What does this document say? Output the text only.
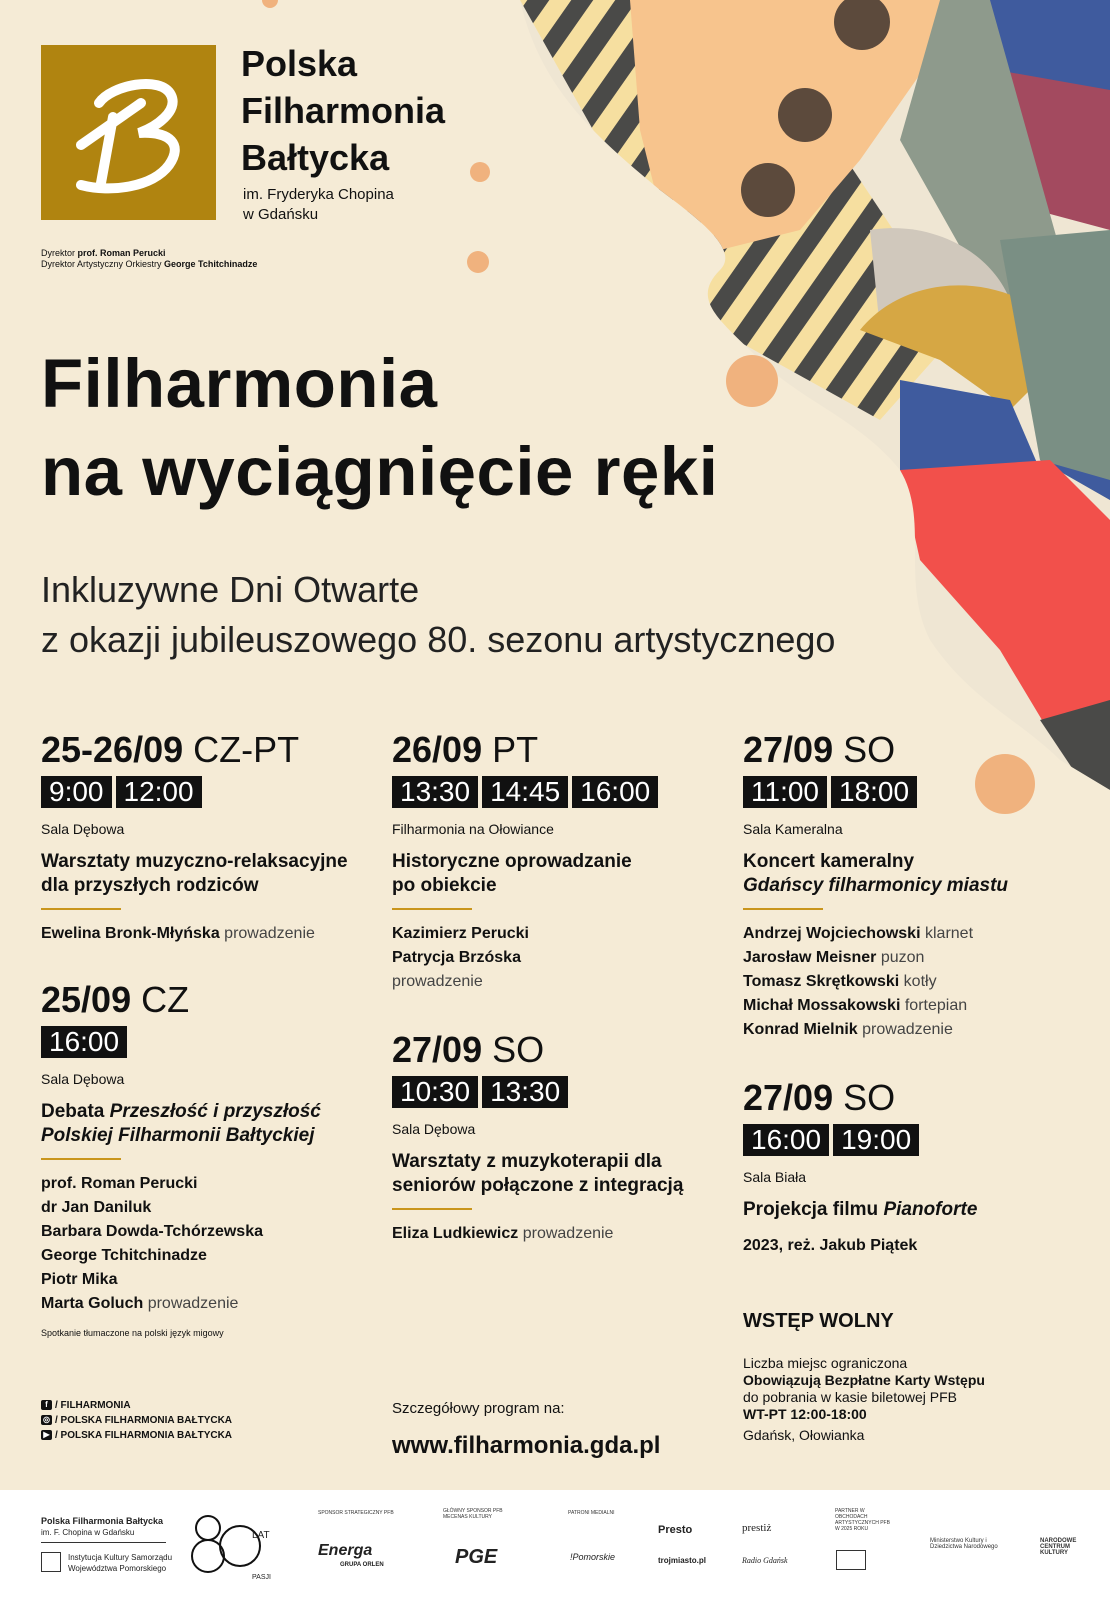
Polska
Filharmonia
Bałtycka
im. Fryderyka Chopina
w Gdańsku
Dyrektor prof. Roman Perucki
Dyrektor Artystyczny Orkiestry George Tchitchinadze
Filharmonia
na wyciągnięcie ręki
Inkluzywne Dni Otwarte
z okazji jubileuszowego 80. sezonu artystycznego
25-26/09 CZ-PT
9:00 12:00
Sala Dębowa
Warsztaty muzyczno-relaksacyjne
dla przyszłych rodziców
Ewelina Bronk-Młyńska prowadzenie
25/09 CZ
16:00
Sala Dębowa
Debata Przeszłość i przyszłość
Polskiej Filharmonii Bałtyckiej
prof. Roman Perucki
dr Jan Daniluk
Barbara Dowda-Tchórzewska
George Tchitchinadze
Piotr Mika
Marta Goluch prowadzenie
Spotkanie tłumaczone na polski język migowy
26/09 PT
13:30 14:45 16:00
Filharmonia na Ołowiance
Historyczne oprowadzanie
po obiekcie
Kazimierz Perucki
Patrycja Brzóska
prowadzenie
27/09 SO
10:30 13:30
Sala Dębowa
Warsztaty z muzykoterapii dla
seniorów połączone z integracją
Eliza Ludkiewicz prowadzenie
27/09 SO
11:00 18:00
Sala Kameralna
Koncert kameralny
Gdańscy filharmonicy miastu
Andrzej Wojciechowski klarnet
Jarosław Meisner puzon
Tomasz Skrętkowski kotły
Michał Mossakowski fortepian
Konrad Mielnik prowadzenie
27/09 SO
16:00 19:00
Sala Biała
Projekcja filmu Pianoforte
2023, reż. Jakub Piątek
WSTĘP WOLNY
Liczba miejsc ograniczona
Obowiązują Bezpłatne Karty Wstępu
do pobrania w kasie biletowej PFB
WT-PT 12:00-18:00
Gdańsk, Ołowianka
f / FILHARMONIA
◎ / POLSKA FILHARMONIA BAŁTYCKA
▶ / POLSKA FILHARMONIA BAŁTYCKA
Szczegółowy program na:
www.filharmonia.gda.pl
Polska Filharmonia Bałtycka
im. F. Chopina w Gdańsku
Instytucja Kultury Samorządu
Województwa Pomorskiego
LAT
PASJI
SPONSOR STRATEGICZNY PFB
Energa
GRUPA ORLEN
GŁÓWNY SPONSOR PFB MECENAS KULTURY
PGE
PATRONI MEDIALNI
!Pomorskie
Presto
trojmiasto.pl
prestiż
Radio Gdańsk
PARTNER W OBCHODACH ARTYSTYCZNYCH PFB W 2025 ROKU
Ministerstwo Kultury i Dziedzictwa Narodowego
NARODOWE CENTRUM KULTURY
